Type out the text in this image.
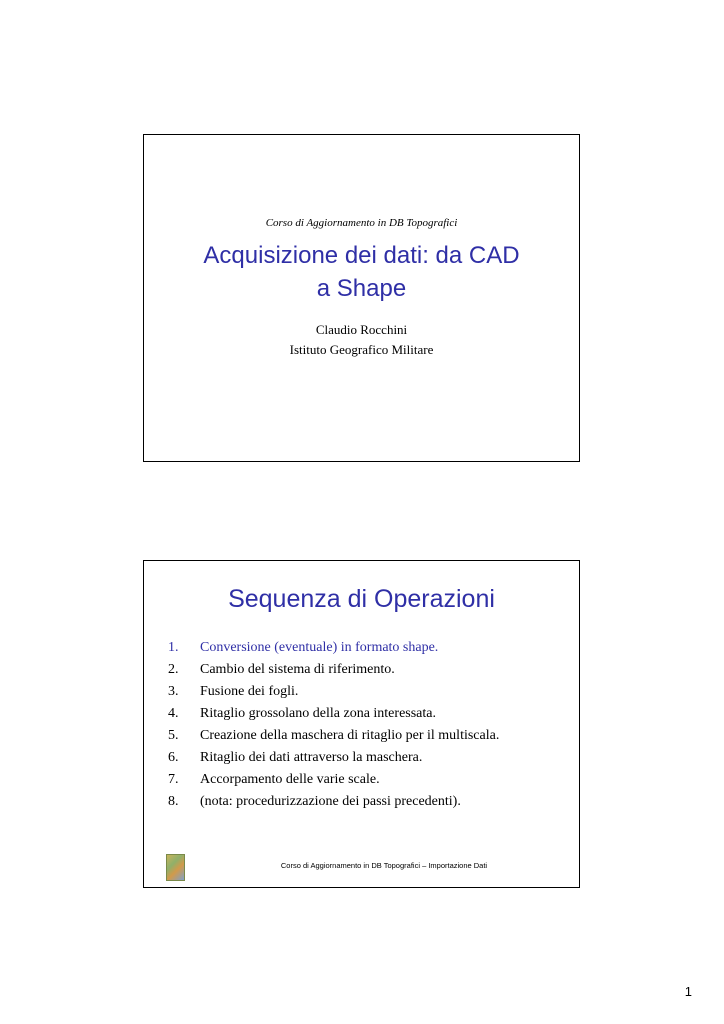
Corso di Aggiornamento in DB Topografici
Acquisizione dei dati: da CAD
a Shape
Claudio Rocchini
Istituto Geografico Militare
Sequenza di Operazioni
1. Conversione (eventuale) in formato shape.
2. Cambio del sistema di riferimento.
3. Fusione dei fogli.
4. Ritaglio grossolano della zona interessata.
5. Creazione della maschera di ritaglio per il multiscala.
6. Ritaglio dei dati attraverso la maschera.
7. Accorpamento delle varie scale.
8. (nota: procedurizzazione dei passi precedenti).
Corso di Aggiornamento in DB Topografici – Importazione Dati
1
